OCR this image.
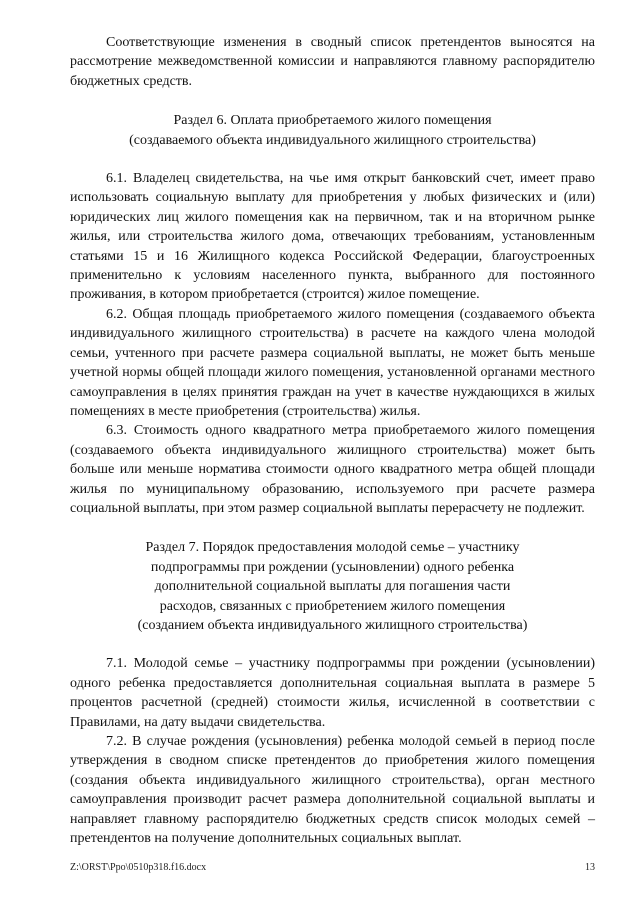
Соответствующие изменения в сводный список претендентов выносятся на рассмотрение межведомственной комиссии и направляются главному распорядителю бюджетных средств.

Раздел 6. Оплата приобретаемого жилого помещения

(создаваемого объекта индивидуального жилищного строительства)

6.1. Владелец свидетельства, на чье имя открыт банковский счет, имеет право использовать социальную выплату для приобретения у любых физических и (или) юридических лиц жилого помещения как на первичном, так и на вторичном рынке жилья, или строительства жилого дома, отвечающих требованиям, установленным статьями 15 и 16 Жилищного кодекса Российской Федерации, благоустроенных применительно к условиям населенного пункта, выбранного для постоянного проживания, в котором приобретается (строится) жилое помещение.

6.2. Общая площадь приобретаемого жилого помещения (создаваемого объекта индивидуального жилищного строительства) в расчете на каждого члена молодой семьи, учтенного при расчете размера социальной выплаты, не может быть меньше учетной нормы общей площади жилого помещения, установленной органами местного самоуправления в целях принятия граждан на учет в качестве нуждающихся в жилых помещениях в месте приобретения (строительства) жилья.

6.3. Стоимость одного квадратного метра приобретаемого жилого помещения (создаваемого объекта индивидуального жилищного строительства) может быть больше или меньше норматива стоимости одного квадратного метра общей площади жилья по муниципальному образованию, используемого при расчете размера социальной выплаты, при этом размер социальной выплаты перерасчету не подлежит.

Раздел 7. Порядок предоставления молодой семье – участнику

подпрограммы при рождении (усыновлении) одного ребенка

дополнительной социальной выплаты для погашения части

расходов, связанных с приобретением жилого помещения

(созданием объекта индивидуального жилищного строительства)

7.1. Молодой семье – участнику подпрограммы при рождении (усыновлении) одного ребенка предоставляется дополнительная социальная выплата в размере 5 процентов расчетной (средней) стоимости жилья, исчисленной в соответствии с Правилами, на дату выдачи свидетельства.

7.2. В случае рождения (усыновления) ребенка молодой семьей в период после утверждения в сводном списке претендентов до приобретения жилого помещения (создания объекта индивидуального жилищного строительства), орган местного самоуправления производит расчет размера дополнительной социальной выплаты и направляет главному распорядителю бюджетных средств список молодых семей – претендентов на получение дополнительных социальных выплат.

Z:\ORST\Ppo\0510p318.f16.docx	13
